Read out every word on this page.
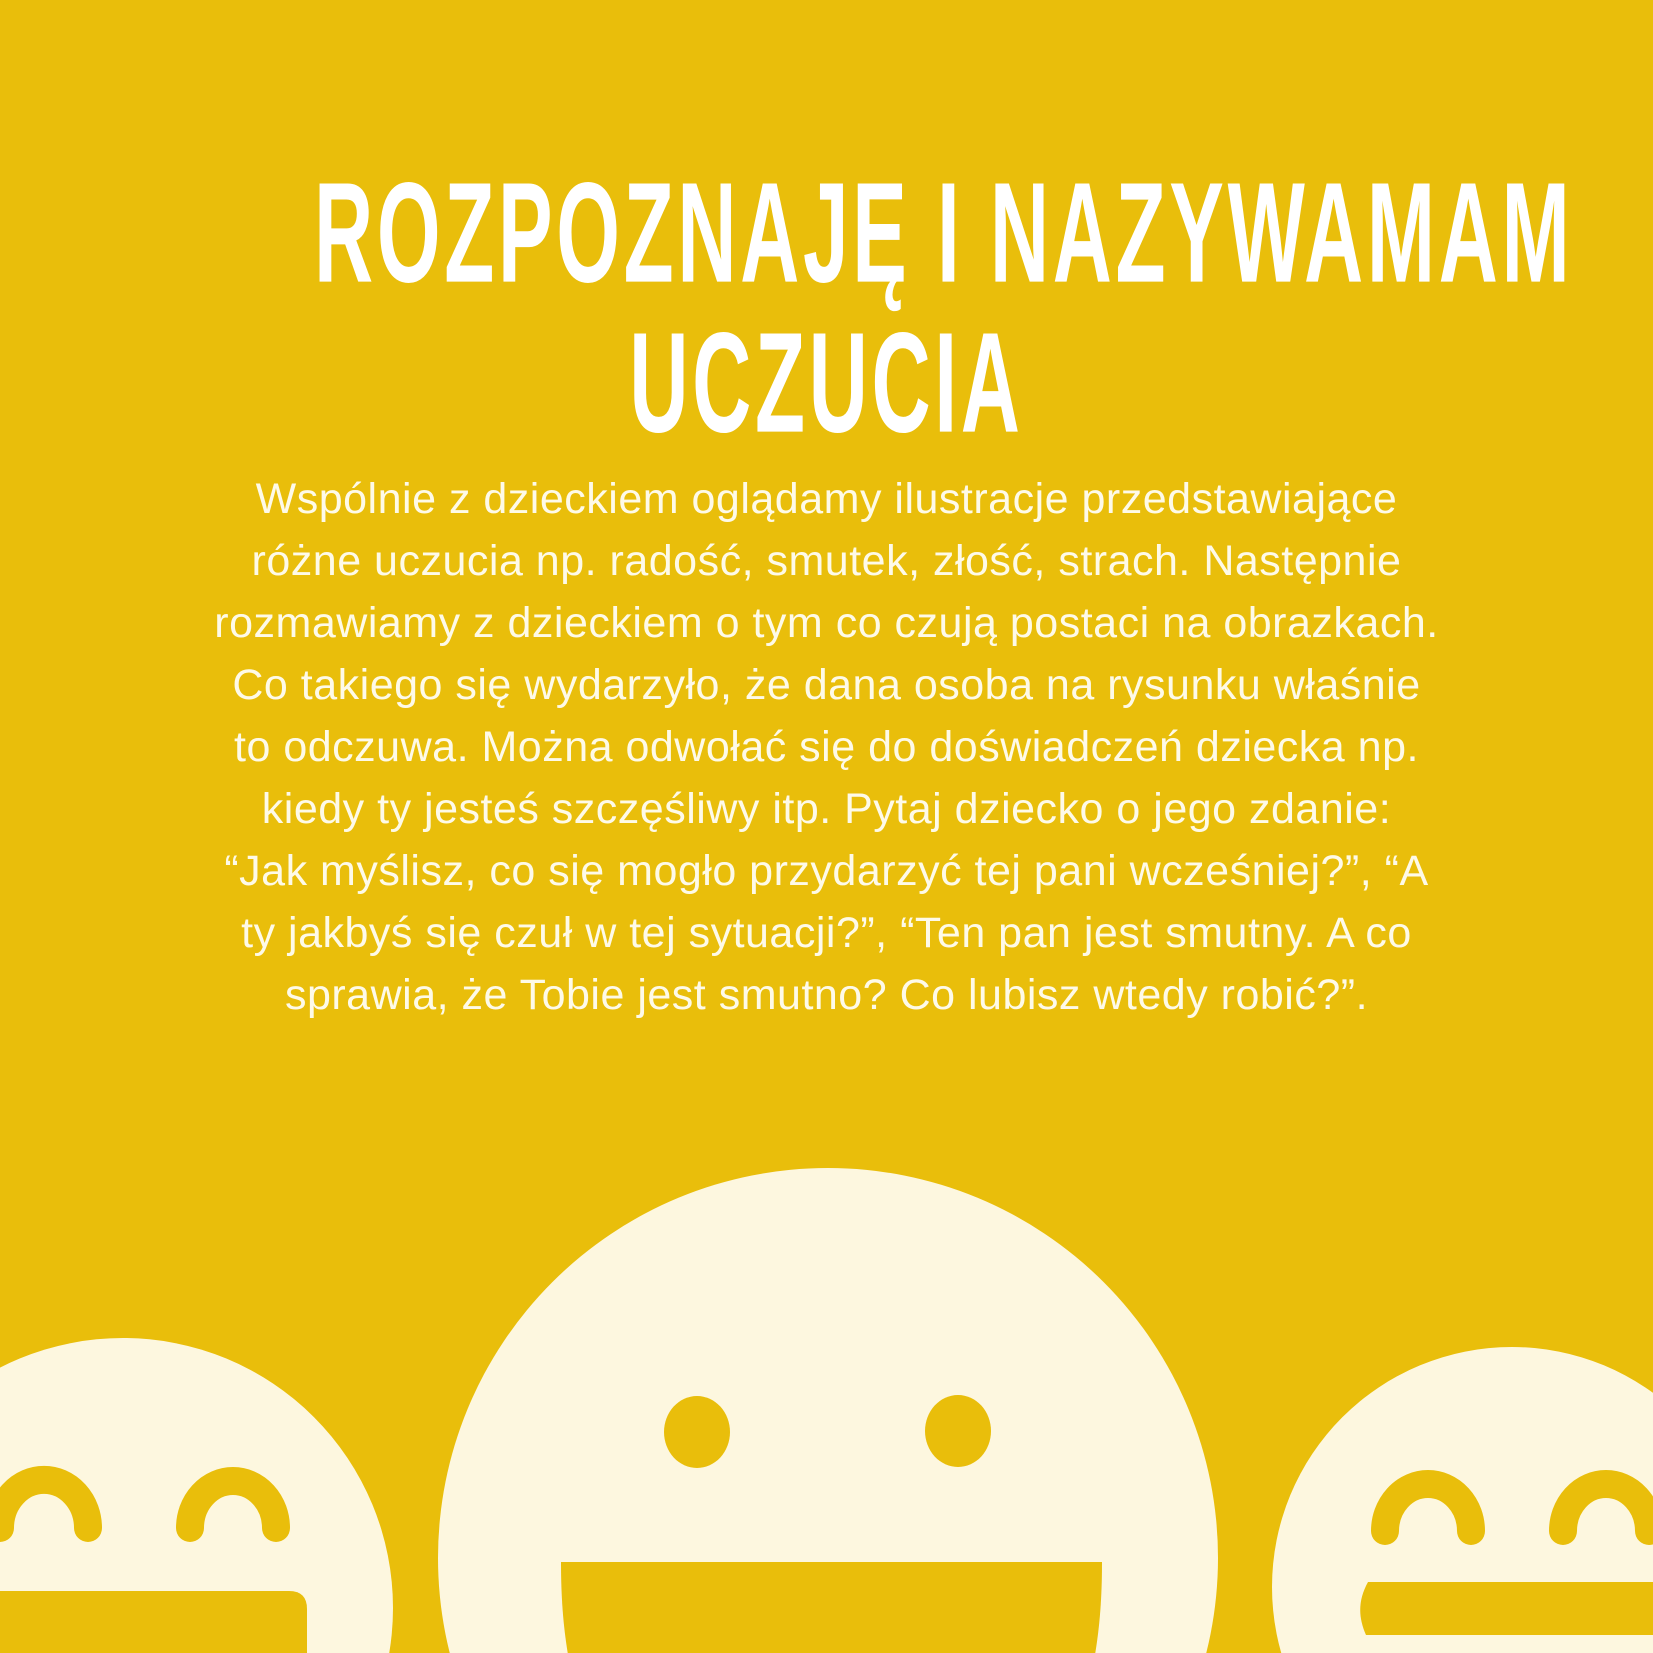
ROZPOZNAJĘ I NAZYWAMAM
UCZUCIA
Wspólnie z dzieckiem oglądamy ilustracje przedstawiające
różne uczucia np. radość, smutek, złość, strach. Następnie
rozmawiamy z dzieckiem o tym co czują postaci na obrazkach.
Co takiego się wydarzyło, że dana osoba na rysunku właśnie
to odczuwa. Można odwołać się do doświadczeń dziecka np.
kiedy ty jesteś szczęśliwy itp. Pytaj dziecko o jego zdanie:
“Jak myślisz, co się mogło przydarzyć tej pani wcześniej?”, “A
ty jakbyś się czuł w tej sytuacji?”, “Ten pan jest smutny. A co
sprawia, że Tobie jest smutno? Co lubisz wtedy robić?”.
